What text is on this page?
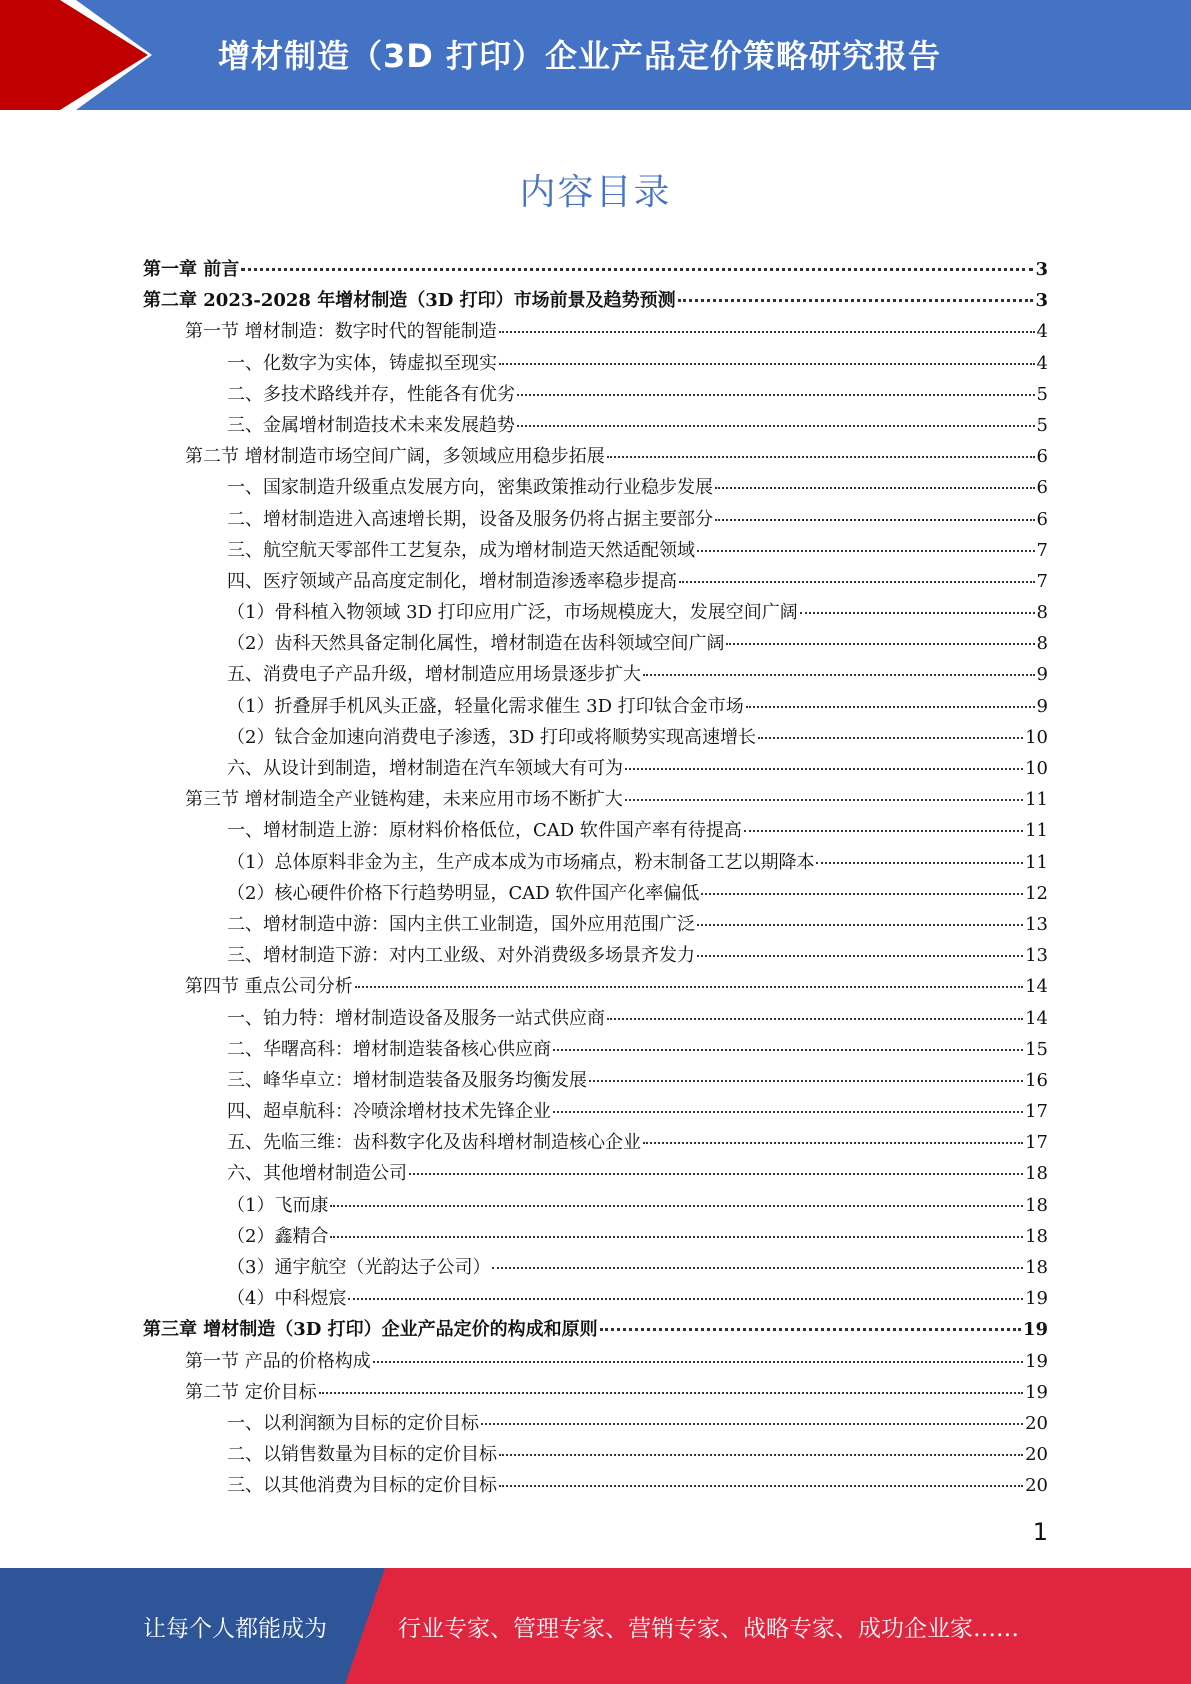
增材制造（3D 打印）企业产品定价策略研究报告
内容目录
第一章 前言	3
第二章 2023-2028 年增材制造（3D 打印）市场前景及趋势预测	3
第一节 增材制造：数字时代的智能制造	4
一、化数字为实体，铸虚拟至现实	4
二、多技术路线并存，性能各有优劣	5
三、金属增材制造技术未来发展趋势	5
第二节 增材制造市场空间广阔，多领域应用稳步拓展	6
一、国家制造升级重点发展方向，密集政策推动行业稳步发展	6
二、增材制造进入高速增长期，设备及服务仍将占据主要部分	6
三、航空航天零部件工艺复杂，成为增材制造天然适配领域	7
四、医疗领域产品高度定制化，增材制造渗透率稳步提高	7
（1）骨科植入物领域 3D 打印应用广泛，市场规模庞大，发展空间广阔	8
（2）齿科天然具备定制化属性，增材制造在齿科领域空间广阔	8
五、消费电子产品升级，增材制造应用场景逐步扩大	9
（1）折叠屏手机风头正盛，轻量化需求催生 3D 打印钛合金市场	9
（2）钛合金加速向消费电子渗透，3D 打印或将顺势实现高速增长	10
六、从设计到制造，增材制造在汽车领域大有可为	10
第三节 增材制造全产业链构建，未来应用市场不断扩大	11
一、增材制造上游：原材料价格低位，CAD 软件国产率有待提高	11
（1）总体原料非金为主，生产成本成为市场痛点，粉末制备工艺以期降本	11
（2）核心硬件价格下行趋势明显，CAD 软件国产化率偏低	12
二、增材制造中游：国内主供工业制造，国外应用范围广泛	13
三、增材制造下游：对内工业级、对外消费级多场景齐发力	13
第四节 重点公司分析	14
一、铂力特：增材制造设备及服务一站式供应商	14
二、华曙高科：增材制造装备核心供应商	15
三、峰华卓立：增材制造装备及服务均衡发展	16
四、超卓航科：冷喷涂增材技术先锋企业	17
五、先临三维：齿科数字化及齿科增材制造核心企业	17
六、其他增材制造公司	18
（1）飞而康	18
（2）鑫精合	18
（3）通宇航空（光韵达子公司）	18
（4）中科煜宸	19
第三章 增材制造（3D 打印）企业产品定价的构成和原则	19
第一节 产品的价格构成	19
第二节 定价目标	19
一、以利润额为目标的定价目标	20
二、以销售数量为目标的定价目标	20
三、以其他消费为目标的定价目标	20
1
让每个人都能成为	行业专家、管理专家、营销专家、战略专家、成功企业家……
